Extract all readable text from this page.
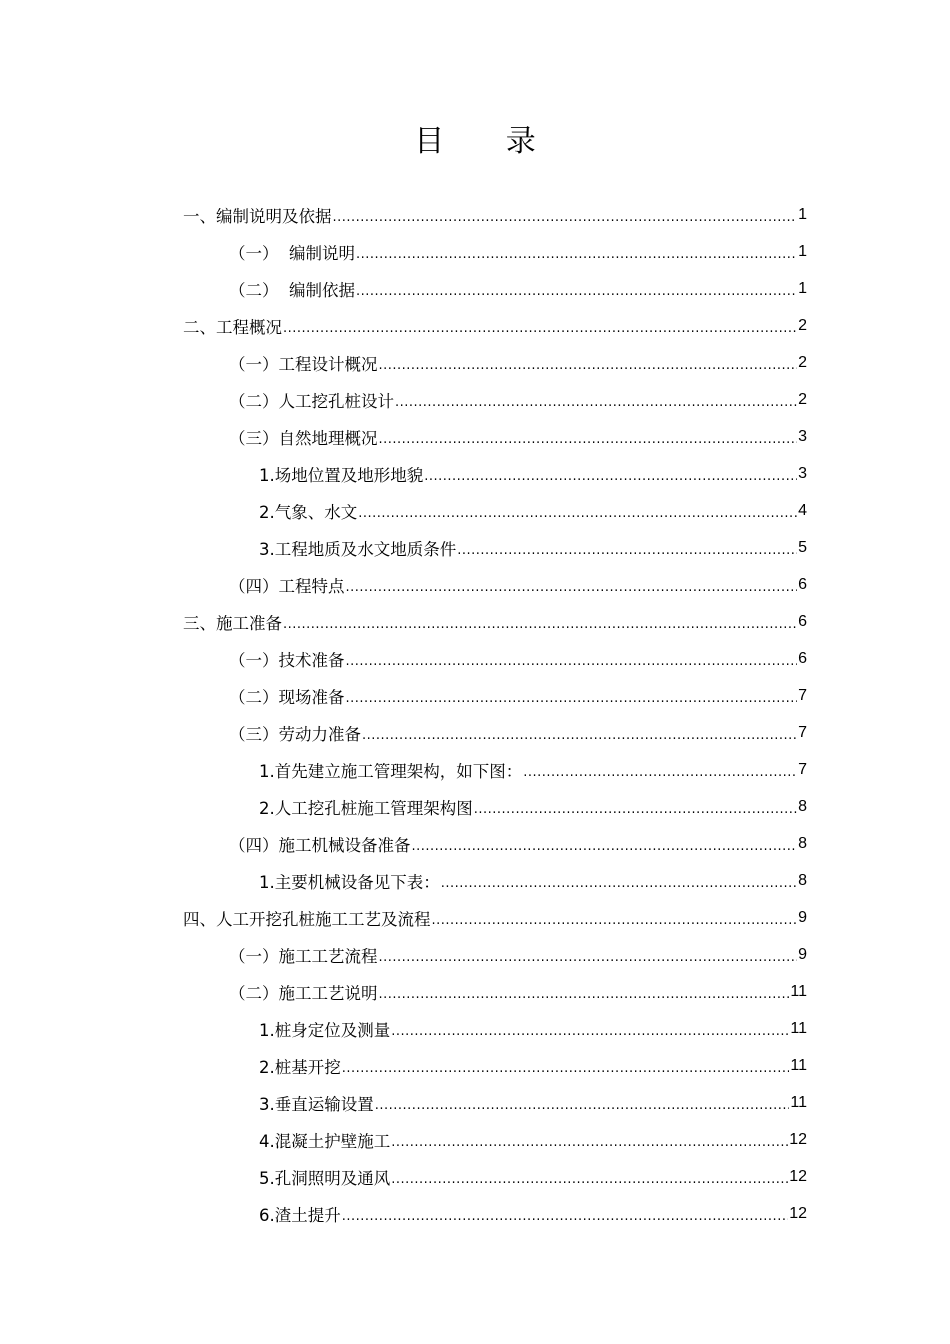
目 录
一、编制说明及依据 .....	1
（一）  编制说明 .....	1
（二）  编制依据 .....	1
二、工程概况 .....	2
（一）工程设计概况 .....	2
（二）人工挖孔桩设计 .....	2
（三）自然地理概况 .....	3
1.场地位置及地形地貌 .....	3
2.气象、水文 .....	4
3.工程地质及水文地质条件 .....	5
（四）工程特点 .....	6
三、施工准备 .....	6
（一）技术准备 .....	6
（二）现场准备 .....	7
（三）劳动力准备 .....	7
1.首先建立施工管理架构，如下图： .....	7
2.人工挖孔桩施工管理架构图 .....	8
（四）施工机械设备准备 .....	8
1.主要机械设备见下表： .....	8
四、人工开挖孔桩施工工艺及流程 .....	9
（一）施工工艺流程 .....	9
（二）施工工艺说明 .....	11
1.桩身定位及测量 .....	11
2.桩基开挖 .....	11
3.垂直运输设置 .....	11
4.混凝土护壁施工 .....	12
5.孔洞照明及通风 .....	12
6.渣土提升 .....	12
